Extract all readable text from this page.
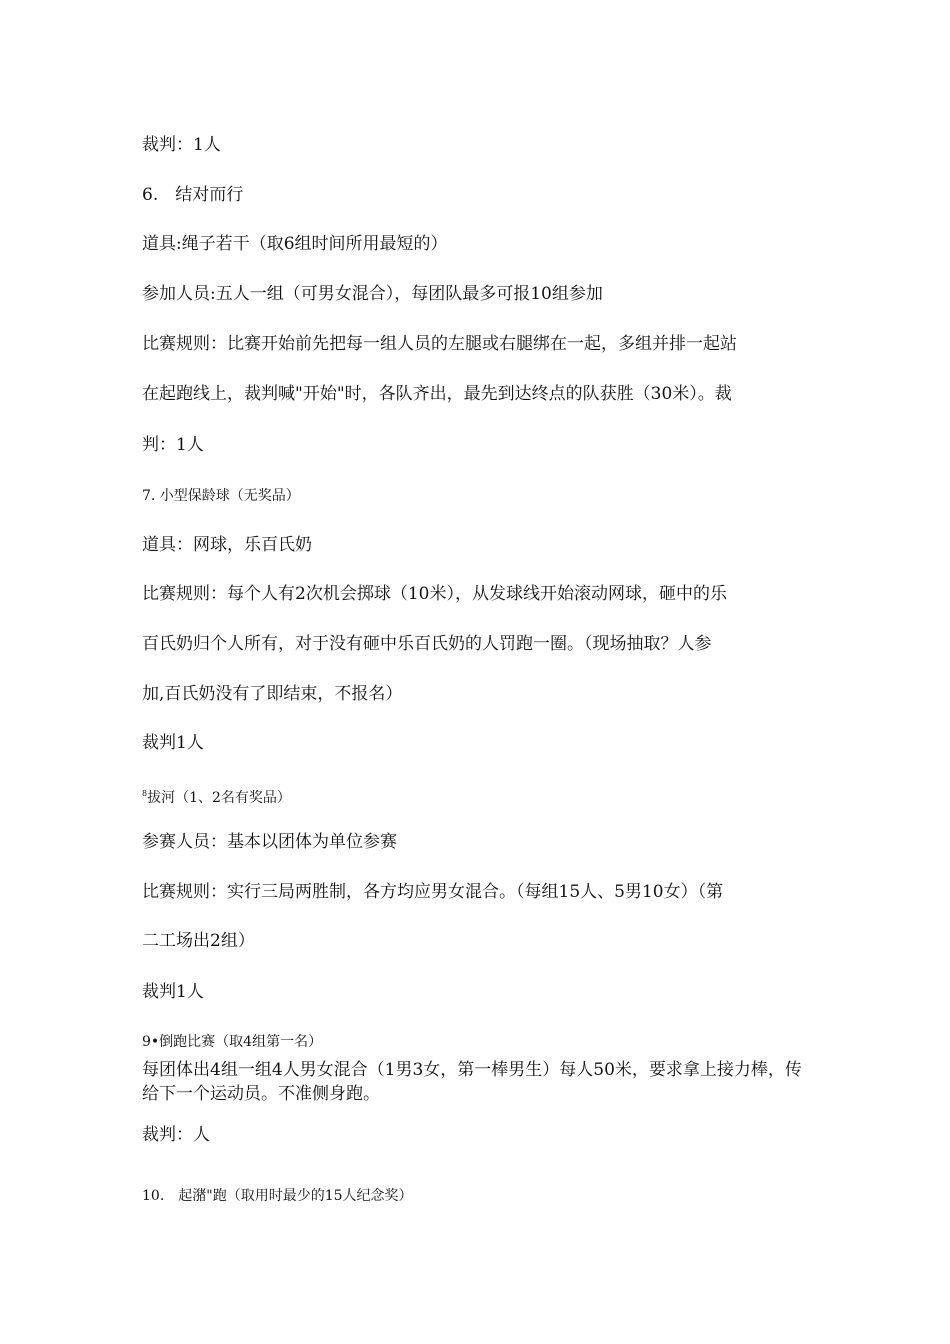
裁判：1人

6.　结对而行

道具:绳子若干（取6组时间所用最短的）

参加人员:五人一组（可男女混合），每团队最多可报10组参加

比赛规则：比赛开始前先把每一组人员的左腿或右腿绑在一起，多组并排一起站

在起跑线上，裁判喊"开始"时，各队齐出，最先到达终点的队获胜（30米）。裁

判：1人

7. 小型保龄球（无奖品）

道具：网球，乐百氏奶

比赛规则：每个人有2次机会掷球（10米），从发球线开始滚动网球，砸中的乐

百氏奶归个人所有，对于没有砸中乐百氏奶的人罚跑一圈。（现场抽取？人参

加,百氏奶没有了即结束，不报名）

裁判1人

$^8$拔河（1、2名有奖品）

参赛人员：基本以团体为单位参赛

比赛规则：实行三局两胜制，各方均应男女混合。（每组15人、5男10女）（第

二工场出2组）

裁判1人

9•倒跑比赛（取4组第一名）

每团体出4组一组4人男女混合（1男3女，第一棒男生）每人50米，要求拿上接力棒，传给下一个运动员。不准侧身跑。

裁判：人

10.　起潴"跑（取用时最少的15人纪念奖）
